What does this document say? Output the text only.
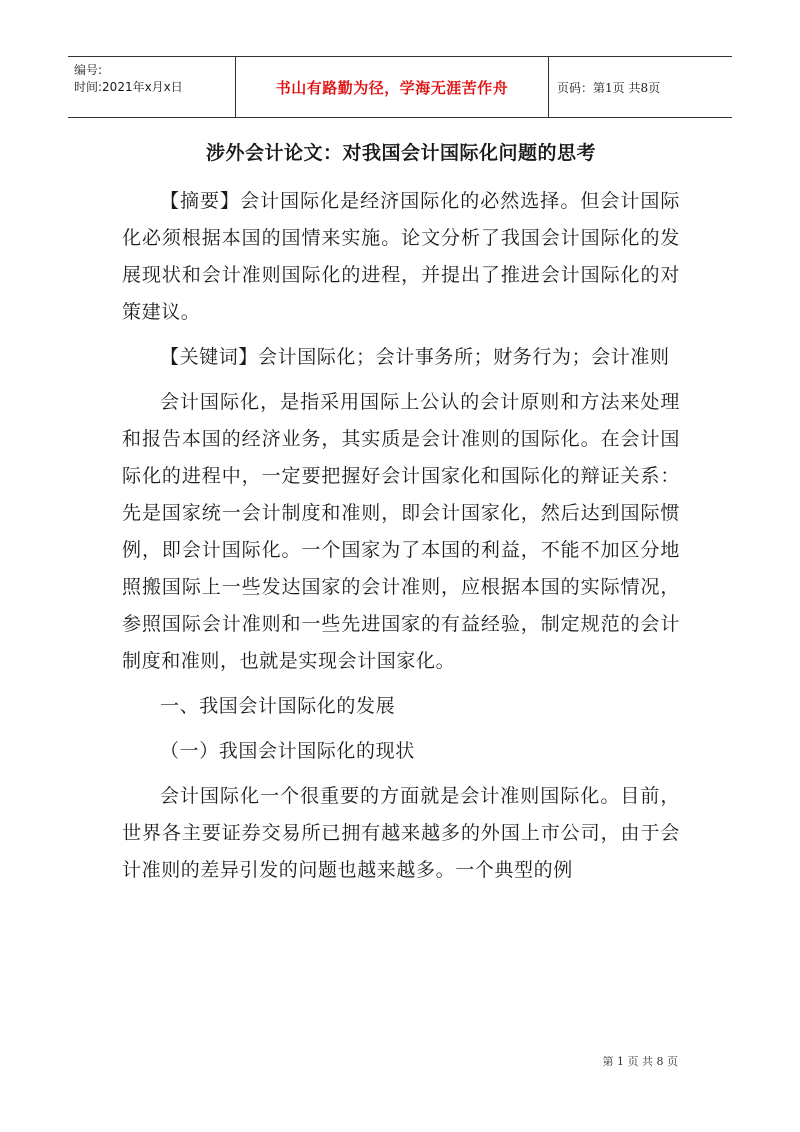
编号:
时间:2021年x月x日	书山有路勤为径，学海无涯苦作舟	页码：第1页 共8页
涉外会计论文：对我国会计国际化问题的思考

【摘要】会计国际化是经济国际化的必然选择。但会计国际化必须根据本国的国情来实施。论文分析了我国会计国际化的发展现状和会计准则国际化的进程，并提出了推进会计国际化的对策建议。

【关键词】会计国际化；会计事务所；财务行为；会计准则

会计国际化，是指采用国际上公认的会计原则和方法来处理和报告本国的经济业务，其实质是会计准则的国际化。在会计国际化的进程中，一定要把握好会计国家化和国际化的辩证关系：先是国家统一会计制度和准则，即会计国家化，然后达到国际惯例，即会计国际化。一个国家为了本国的利益，不能不加区分地照搬国际上一些发达国家的会计准则，应根据本国的实际情况，参照国际会计准则和一些先进国家的有益经验，制定规范的会计制度和准则，也就是实现会计国家化。

一、我国会计国际化的发展

（一）我国会计国际化的现状

会计国际化一个很重要的方面就是会计准则国际化。目前，世界各主要证券交易所已拥有越来越多的外国上市公司，由于会计准则的差异引发的问题也越来越多。一个典型的例

第 1 页 共 8 页
